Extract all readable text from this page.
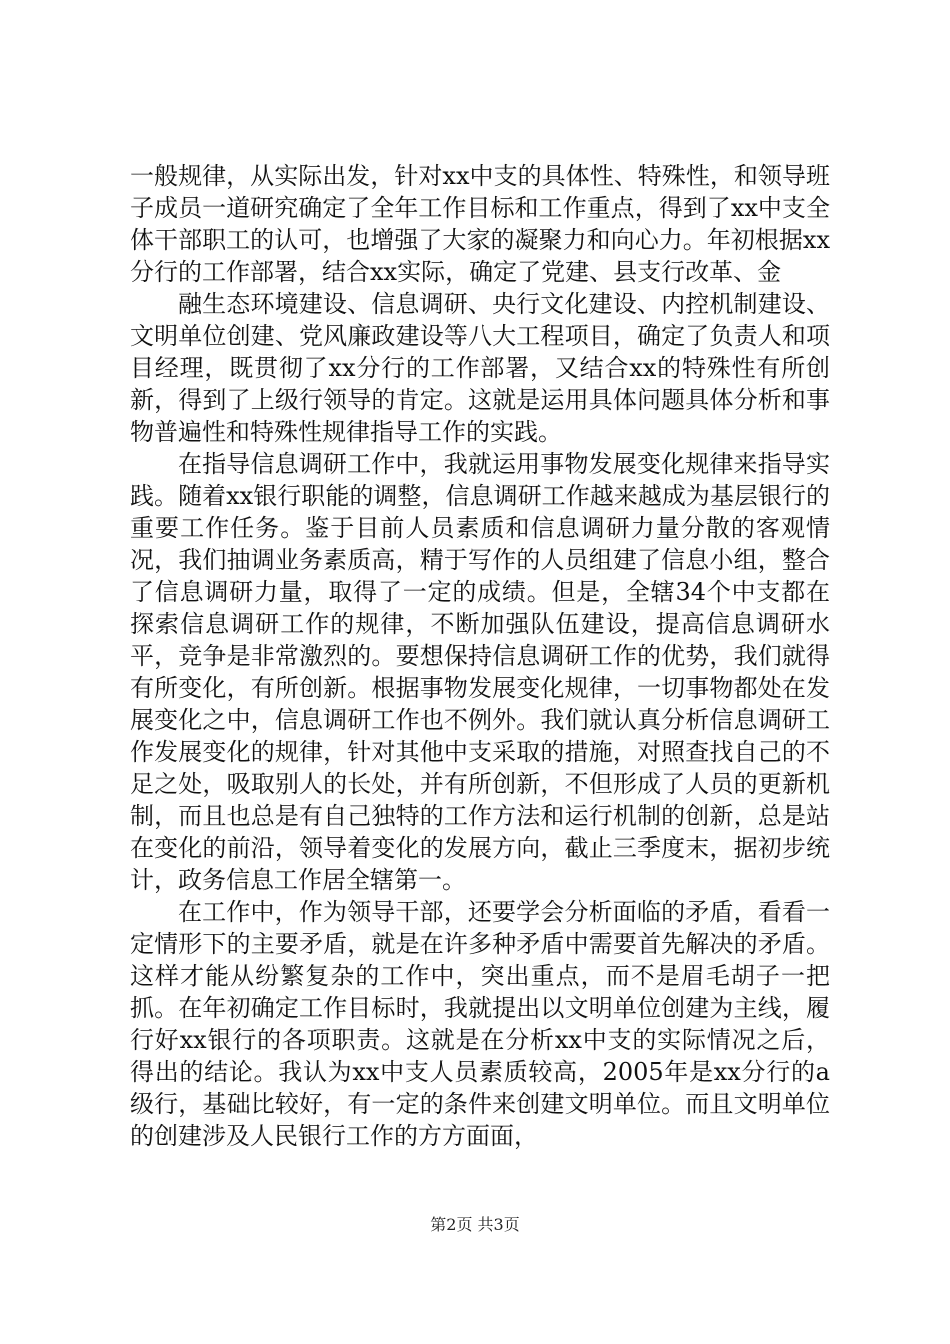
一般规律，从实际出发，针对xx中支的具体性、特殊性，和领导班子成员一道研究确定了全年工作目标和工作重点，得到了xx中支全体干部职工的认可，也增强了大家的凝聚力和向心力。年初根据xx分行的工作部署，结合xx实际，确定了党建、县支行改革、金

融生态环境建设、信息调研、央行文化建设、内控机制建设、文明单位创建、党风廉政建设等八大工程项目，确定了负责人和项目经理，既贯彻了xx分行的工作部署，又结合xx的特殊性有所创新，得到了上级行领导的肯定。这就是运用具体问题具体分析和事物普遍性和特殊性规律指导工作的实践。

在指导信息调研工作中，我就运用事物发展变化规律来指导实践。随着xx银行职能的调整，信息调研工作越来越成为基层银行的重要工作任务。鉴于目前人员素质和信息调研力量分散的客观情况，我们抽调业务素质高，精于写作的人员组建了信息小组，整合了信息调研力量，取得了一定的成绩。但是，全辖34个中支都在探索信息调研工作的规律，不断加强队伍建设，提高信息调研水平，竞争是非常激烈的。要想保持信息调研工作的优势，我们就得有所变化，有所创新。根据事物发展变化规律，一切事物都处在发展变化之中，信息调研工作也不例外。我们就认真分析信息调研工作发展变化的规律，针对其他中支采取的措施，对照查找自己的不足之处，吸取别人的长处，并有所创新，不但形成了人员的更新机制，而且也总是有自己独特的工作方法和运行机制的创新，总是站在变化的前沿，领导着变化的发展方向，截止三季度末，据初步统计，政务信息工作居全辖第一。

在工作中，作为领导干部，还要学会分析面临的矛盾，看看一定情形下的主要矛盾，就是在许多种矛盾中需要首先解决的矛盾。这样才能从纷繁复杂的工作中，突出重点，而不是眉毛胡子一把抓。在年初确定工作目标时，我就提出以文明单位创建为主线，履行好xx银行的各项职责。这就是在分析xx中支的实际情况之后，得出的结论。我认为xx中支人员素质较高，2005年是xx分行的a级行，基础比较好，有一定的条件来创建文明单位。而且文明单位的创建涉及人民银行工作的方方面面，

第2页 共3页
